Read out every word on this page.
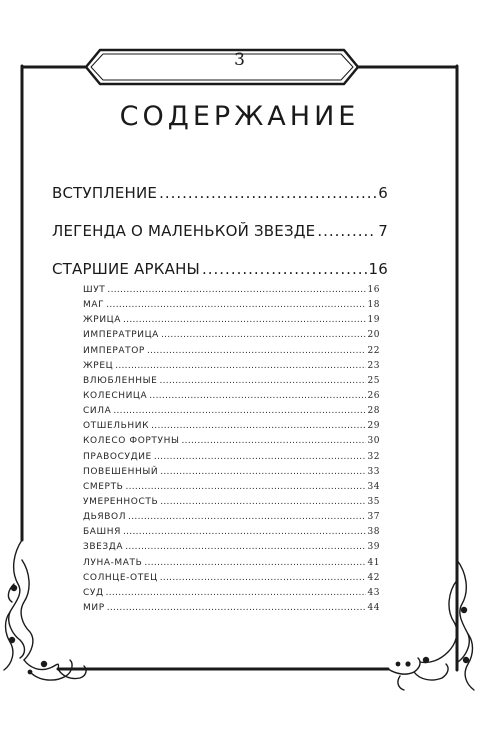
3
СОДЕРЖАНИЕ
ВСТУПЛЕНИЕ .....	6
ЛЕГЕНДА О МАЛЕНЬКОЙ ЗВЕЗДЕ .....	7
СТАРШИЕ АРКАНЫ .....	16
ШУТ .....	16
МАГ .....	18
ЖРИЦА .....	19
ИМПЕРАТРИЦА .....	20
ИМПЕРАТОР .....	22
ЖРЕЦ .....	23
ВЛЮБЛЕННЫЕ .....	25
КОЛЕСНИЦА .....	26
СИЛА .....	28
ОТШЕЛЬНИК .....	29
КОЛЕСО ФОРТУНЫ .....	30
ПРАВОСУДИЕ .....	32
ПОВЕШЕННЫЙ .....	33
СМЕРТЬ .....	34
УМЕРЕННОСТЬ .....	35
ДЬЯВОЛ .....	37
БАШНЯ .....	38
ЗВЕЗДА .....	39
ЛУНА-МАТЬ .....	41
СОЛНЦЕ-ОТЕЦ .....	42
СУД .....	43
МИР .....	44
